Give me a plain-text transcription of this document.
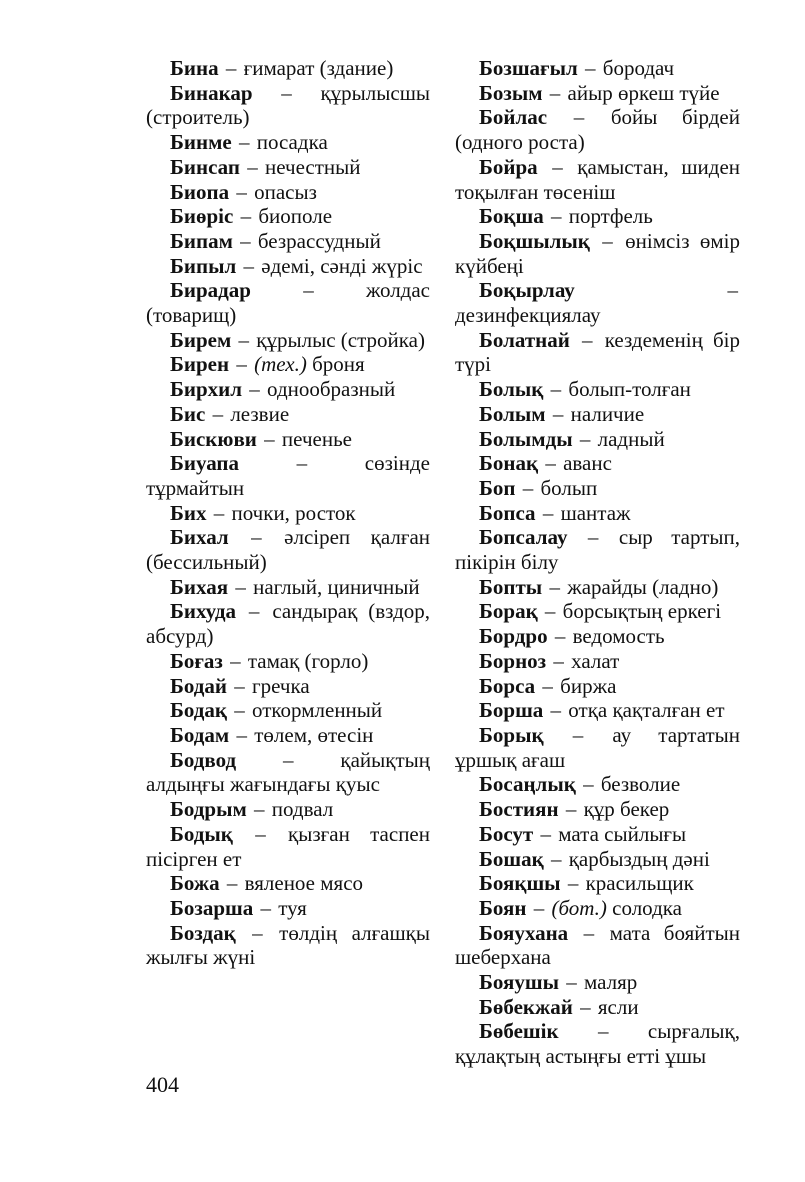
Бина – ғимарат (здание)

Бинакар – құрылысшы (строитель)

Бинме – посадка

Бинсап – нечестный

Биопа – опасыз

Биөріс – биополе

Бипам – безрассудный

Бипыл – әдемі, сәнді жүріс

Бирадар – жолдас (товарищ)

Бирем – құрылыс (стройка)

Бирен – (тех.) броня

Бирхил – однообразный

Бис – лезвие

Бискюви – печенье

Биуапа – сөзінде тұрмайтын

Бих – почки, росток

Бихал – әлсіреп қалған (бессильный)

Бихая – наглый, циничный

Бихуда – сандырақ (вздор, абсурд)

Боғаз – тамақ (горло)

Бодай – гречка

Бодақ – откормленный

Бодам – төлем, өтесін

Бодвод – қайықтың алдыңғы жағындағы қуыс

Бодрым – подвал

Бодық – қызған таспен пісірген ет

Божа – вяленое мясо

Бозарша – туя

Боздақ – төлдің алғашқы жылғы жүні

Бозшағыл – бородач

Бозым – айыр өркеш түйе

Бойлас – бойы бірдей (одного роста)

Бойра – қамыстан, шиден тоқылған төсеніш

Боқша – портфель

Боқшылық – өнімсіз өмір күйбеңі

Боқырлау – дезинфекциялау

Болатнай – кездеменің бір түрі

Болық – болып-толған

Болым – наличие

Болымды – ладный

Бонақ – аванс

Боп – болып

Бопса – шантаж

Бопсалау – сыр тартып, пікірін білу

Бопты – жарайды (ладно)

Борақ – борсықтың еркегі

Бордро – ведомость

Борноз – халат

Борса – биржа

Борша – отқа қақталған ет

Борық – ау тартатын ұршық ағаш

Босаңлық – безволие

Бостиян – құр бекер

Босут – мата сыйлығы

Бошақ – қарбыздың дәні

Бояқшы – красильщик

Боян – (бот.) солодка

Бояухана – мата бояйтын шеберхана

Бояушы – маляр

Бөбекжай – ясли

Бөбешік – сырғалық, құлақтың астыңғы етті ұшы

404
